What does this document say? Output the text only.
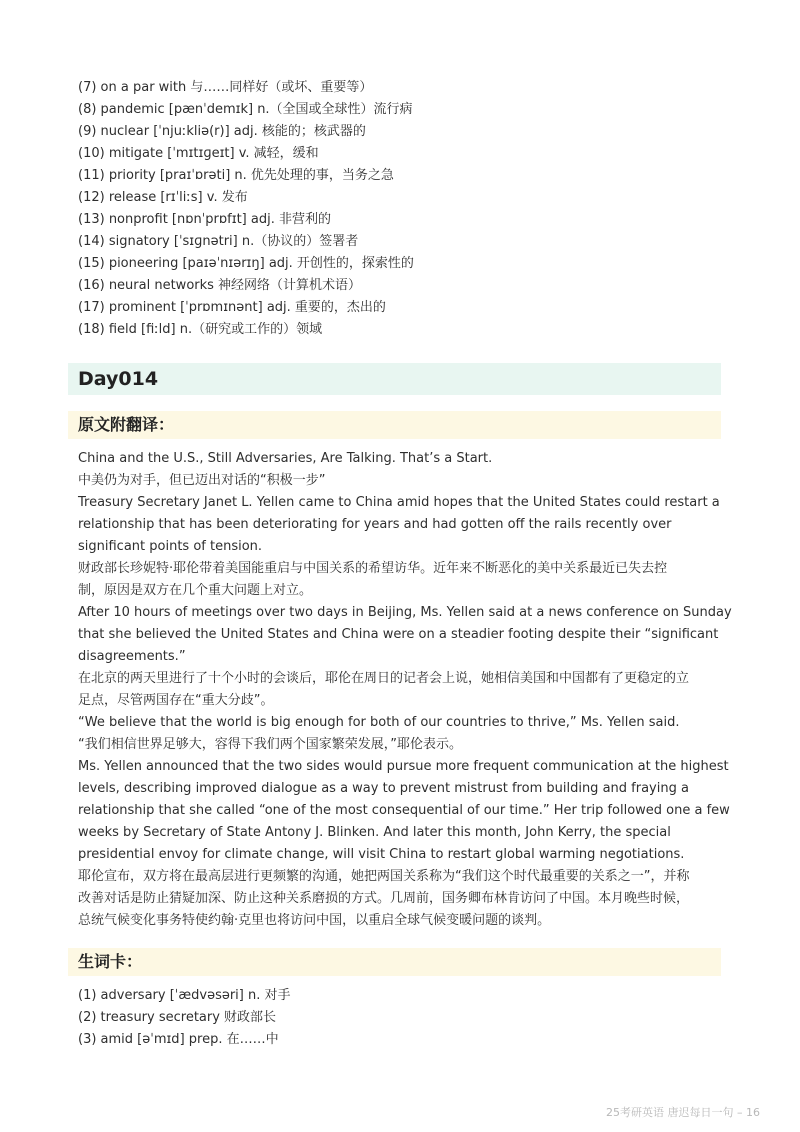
(7) on a par with 与……同样好（或坏、重要等）
(8) pandemic [pænˈdemɪk] n.（全国或全球性）流行病
(9) nuclear [ˈnjuːkliə(r)] adj. 核能的；核武器的
(10) mitigate [ˈmɪtɪɡeɪt] v. 减轻，缓和
(11) priority [praɪˈɒrəti] n. 优先处理的事，当务之急
(12) release [rɪˈliːs] v. 发布
(13) nonprofit [nɒnˈprɒfɪt] adj. 非营利的
(14) signatory [ˈsɪɡnətri] n.（协议的）签署者
(15) pioneering [paɪəˈnɪərɪŋ] adj. 开创性的，探索性的
(16) neural networks 神经网络（计算机术语）
(17) prominent [ˈprɒmɪnənt] adj. 重要的，杰出的
(18) field [fiːld] n.（研究或工作的）领域
Day014
原文附翻译：
China and the U.S., Still Adversaries, Are Talking. That’s a Start.
中美仍为对手，但已迈出对话的“积极一步”
Treasury Secretary Janet L. Yellen came to China amid hopes that the United States could restart a
relationship that has been deteriorating for years and had gotten off the rails recently over
significant points of tension.
财政部长珍妮特·耶伦带着美国能重启与中国关系的希望访华。近年来不断恶化的美中关系最近已失去控
制，原因是双方在几个重大问题上对立。
After 10 hours of meetings over two days in Beijing, Ms. Yellen said at a news conference on Sunday
that she believed the United States and China were on a steadier footing despite their “significant
disagreements.”
在北京的两天里进行了十个小时的会谈后，耶伦在周日的记者会上说，她相信美国和中国都有了更稳定的立
足点，尽管两国存在“重大分歧”。
“We believe that the world is big enough for both of our countries to thrive,” Ms. Yellen said.
“我们相信世界足够大，容得下我们两个国家繁荣发展，”耶伦表示。
Ms. Yellen announced that the two sides would pursue more frequent communication at the highest
levels, describing improved dialogue as a way to prevent mistrust from building and fraying a
relationship that she called “one of the most consequential of our time.” Her trip followed one a few
weeks by Secretary of State Antony J. Blinken. And later this month, John Kerry, the special
presidential envoy for climate change, will visit China to restart global warming negotiations.
耶伦宣布，双方将在最高层进行更频繁的沟通，她把两国关系称为“我们这个时代最重要的关系之一”，并称
改善对话是防止猜疑加深、防止这种关系磨损的方式。几周前，国务卿布林肯访问了中国。本月晚些时候，
总统气候变化事务特使约翰·克里也将访问中国，以重启全球气候变暖问题的谈判。
生词卡：
(1) adversary [ˈædvəsəri] n. 对手
(2) treasury secretary 财政部长
(3) amid [əˈmɪd] prep. 在……中
25考研英语 唐迟每日一句 – 16
